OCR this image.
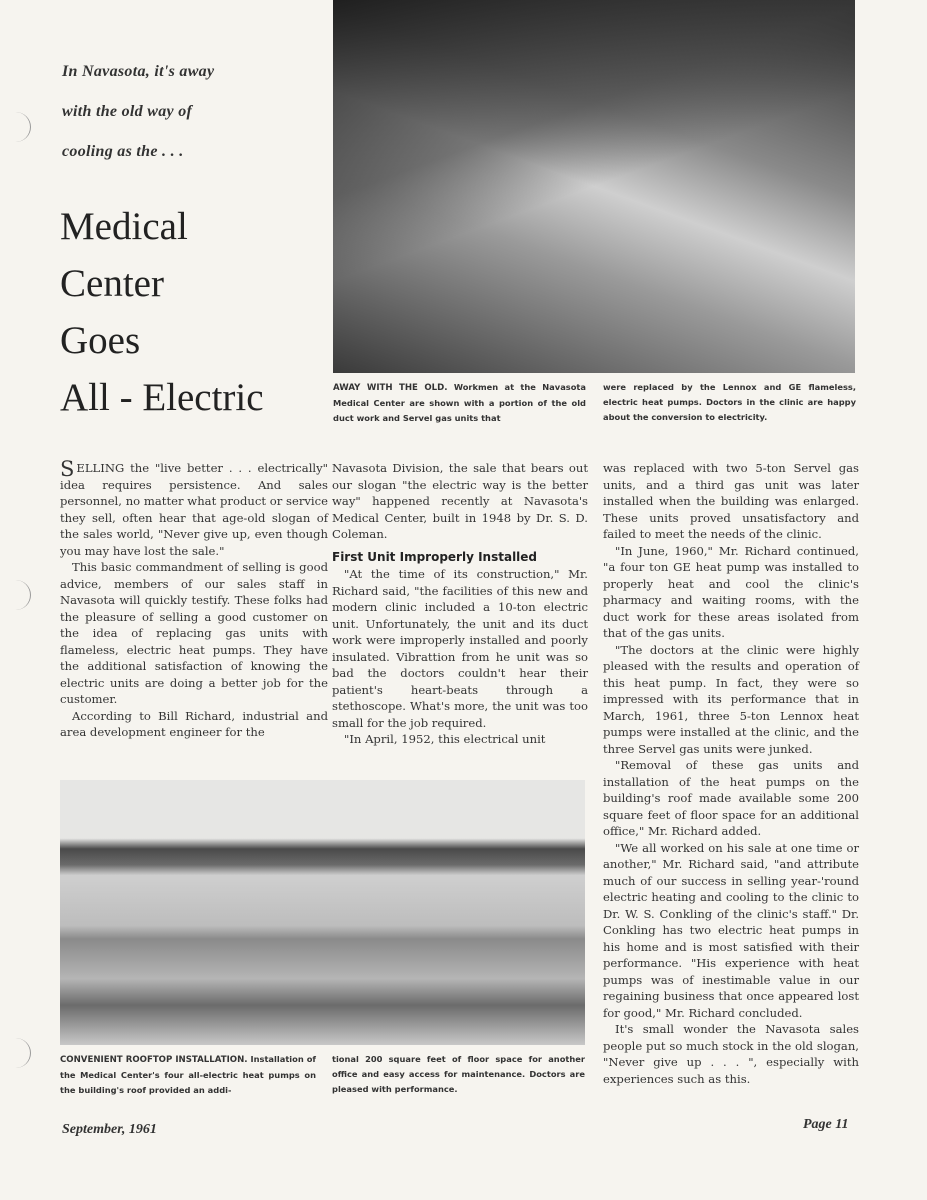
In Navasota, it's away
with the old way of
cooling as the . . .
Medical
Center
Goes
All - Electric	AWAY WITH THE OLD. Workmen at the Navasota Medical Center are shown with a portion of the old duct work and Servel gas units that
were replaced by the Lennox and GE flameless, electric heat pumps. Doctors in the clinic are happy about the conversion to electricity.

SELLING the "live better . . . electrically" idea requires persistence. And sales personnel, no matter what product or service they sell, often hear that age-old slogan of the sales world, "Never give up, even though you may have lost the sale."

This basic commandment of selling is good advice, members of our sales staff in Navasota will quickly testify. These folks had the pleasure of selling a good customer on the idea of replacing gas units with flameless, electric heat pumps. They have the additional satisfaction of knowing the electric units are doing a better job for the customer.

According to Bill Richard, industrial and area development engineer for the

Navasota Division, the sale that bears out our slogan "the electric way is the better way" happened recently at Navasota's Medical Center, built in 1948 by Dr. S. D. Coleman.

First Unit Improperly Installed

"At the time of its construction," Mr. Richard said, "the facilities of this new and modern clinic included a 10-ton electric unit. Unfortunately, the unit and its duct work were improperly installed and poorly insulated. Vibrattion from he unit was so bad the doctors couldn't hear their patient's heart-beats through a stethoscope. What's more, the unit was too small for the job required.

"In April, 1952, this electrical unit

was replaced with two 5-ton Servel gas units, and a third gas unit was later installed when the building was enlarged. These units proved unsatisfactory and failed to meet the needs of the clinic.

"In June, 1960," Mr. Richard continued, "a four ton GE heat pump was installed to properly heat and cool the clinic's pharmacy and waiting rooms, with the duct work for these areas isolated from that of the gas units.

"The doctors at the clinic were highly pleased with the results and operation of this heat pump. In fact, they were so impressed with its performance that in March, 1961, three 5-ton Lennox heat pumps were installed at the clinic, and the three Servel gas units were junked.

"Removal of these gas units and installation of the heat pumps on the building's roof made available some 200 square feet of floor space for an additional office," Mr. Richard added.

"We all worked on his sale at one time or another," Mr. Richard said, "and attribute much of our success in selling year-'round electric heating and cooling to the clinic to Dr. W. S. Conkling of the clinic's staff." Dr. Conkling has two electric heat pumps in his home and is most satisfied with their performance. "His experience with heat pumps was of inestimable value in our regaining business that once appeared lost for good," Mr. Richard concluded.

It's small wonder the Navasota sales people put so much stock in the old slogan, "Never give up . . . ", especially with experiences such as this.

CONVENIENT ROOFTOP INSTALLATION. Installation of the Medical Center's four all-electric heat pumps on the building's roof provided an addi-
tional 200 square feet of floor space for another office and easy access for maintenance. Doctors are pleased with performance.
September, 1961	Page 11
